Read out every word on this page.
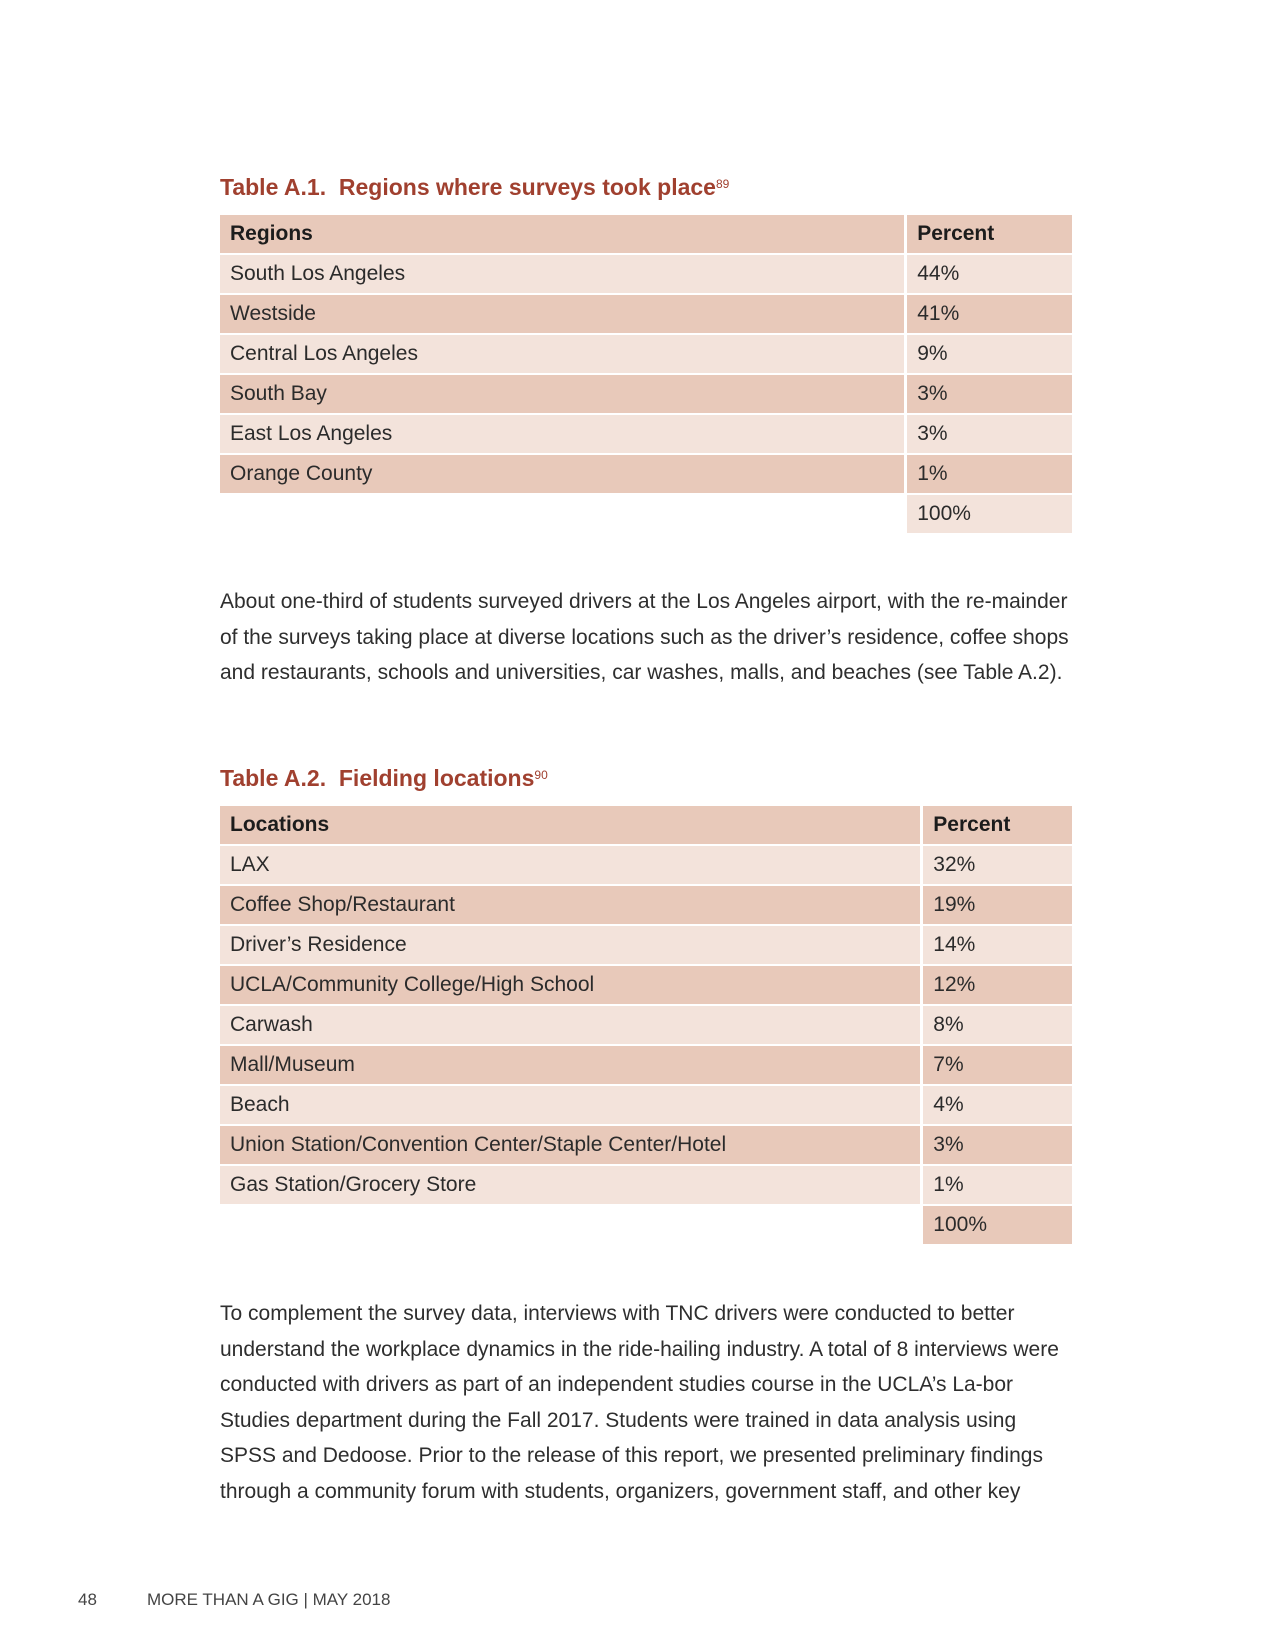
Table A.1. Regions where surveys took place$^{89}$
Regions	Percent
South Los Angeles	44%
Westside	41%
Central Los Angeles	9%
South Bay	3%
East Los Angeles	3%
Orange County	1%
	100%
About one-third of students surveyed drivers at the Los Angeles airport, with the re-mainder of the surveys taking place at diverse locations such as the driver’s residence, coffee shops and restaurants, schools and universities, car washes, malls, and beaches (see Table A.2).
Table A.2. Fielding locations$^{90}$
Locations	Percent
LAX	32%
Coffee Shop/Restaurant	19%
Driver’s Residence	14%
UCLA/Community College/High School	12%
Carwash	8%
Mall/Museum	7%
Beach	4%
Union Station/Convention Center/Staple Center/Hotel	3%
Gas Station/Grocery Store	1%
	100%
To complement the survey data, interviews with TNC drivers were conducted to better understand the workplace dynamics in the ride-hailing industry. A total of 8 interviews were conducted with drivers as part of an independent studies course in the UCLA’s La-bor Studies department during the Fall 2017. Students were trained in data analysis using SPSS and Dedoose. Prior to the release of this report, we presented preliminary findings through a community forum with students, organizers, government staff, and other key
48	MORE THAN A GIG | MAY 2018
